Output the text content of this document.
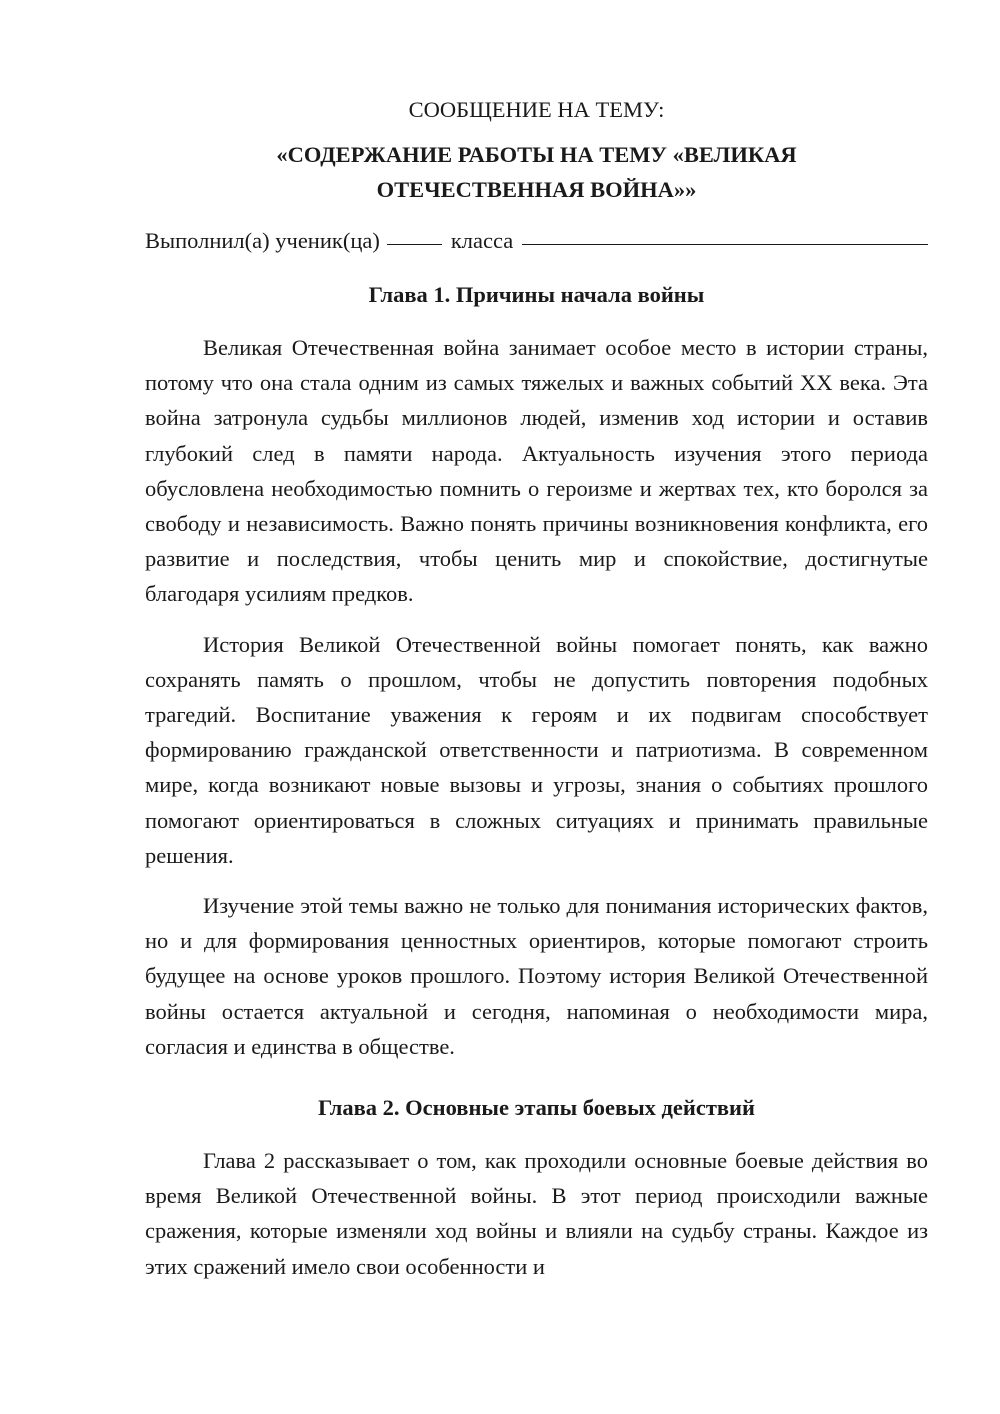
СООБЩЕНИЕ НА ТЕМУ:

«СОДЕРЖАНИЕ РАБОТЫ НА ТЕМУ «ВЕЛИКАЯ
ОТЕЧЕСТВЕННАЯ ВОЙНА»»
Выполнил(а) ученик(ца)	класса
Глава 1. Причины начала войны

Великая Отечественная война занимает особое место в истории страны, потому что она стала одним из самых тяжелых и важных событий XX века. Эта война затронула судьбы миллионов людей, изменив ход истории и оставив глубокий след в памяти народа. Актуальность изучения этого периода обусловлена необходимостью помнить о героизме и жертвах тех, кто боролся за свободу и независимость. Важно понять причины возникновения конфликта, его развитие и последствия, чтобы ценить мир и спокойствие, достигнутые благодаря усилиям предков.

История Великой Отечественной войны помогает понять, как важно сохранять память о прошлом, чтобы не допустить повторения подобных трагедий. Воспитание уважения к героям и их подвигам способствует формированию гражданской ответственности и патриотизма. В современном мире, когда возникают новые вызовы и угрозы, знания о событиях прошлого помогают ориентироваться в сложных ситуациях и принимать правильные решения.

Изучение этой темы важно не только для понимания исторических фактов, но и для формирования ценностных ориентиров, которые помогают строить будущее на основе уроков прошлого. Поэтому история Великой Отечественной войны остается актуальной и сегодня, напоминая о необходимости мира, согласия и единства в обществе.

Глава 2. Основные этапы боевых действий

Глава 2 рассказывает о том, как проходили основные боевые действия во время Великой Отечественной войны. В этот период происходили важные сражения, которые изменяли ход войны и влияли на судьбу страны. Каждое из этих сражений имело свои особенности и
